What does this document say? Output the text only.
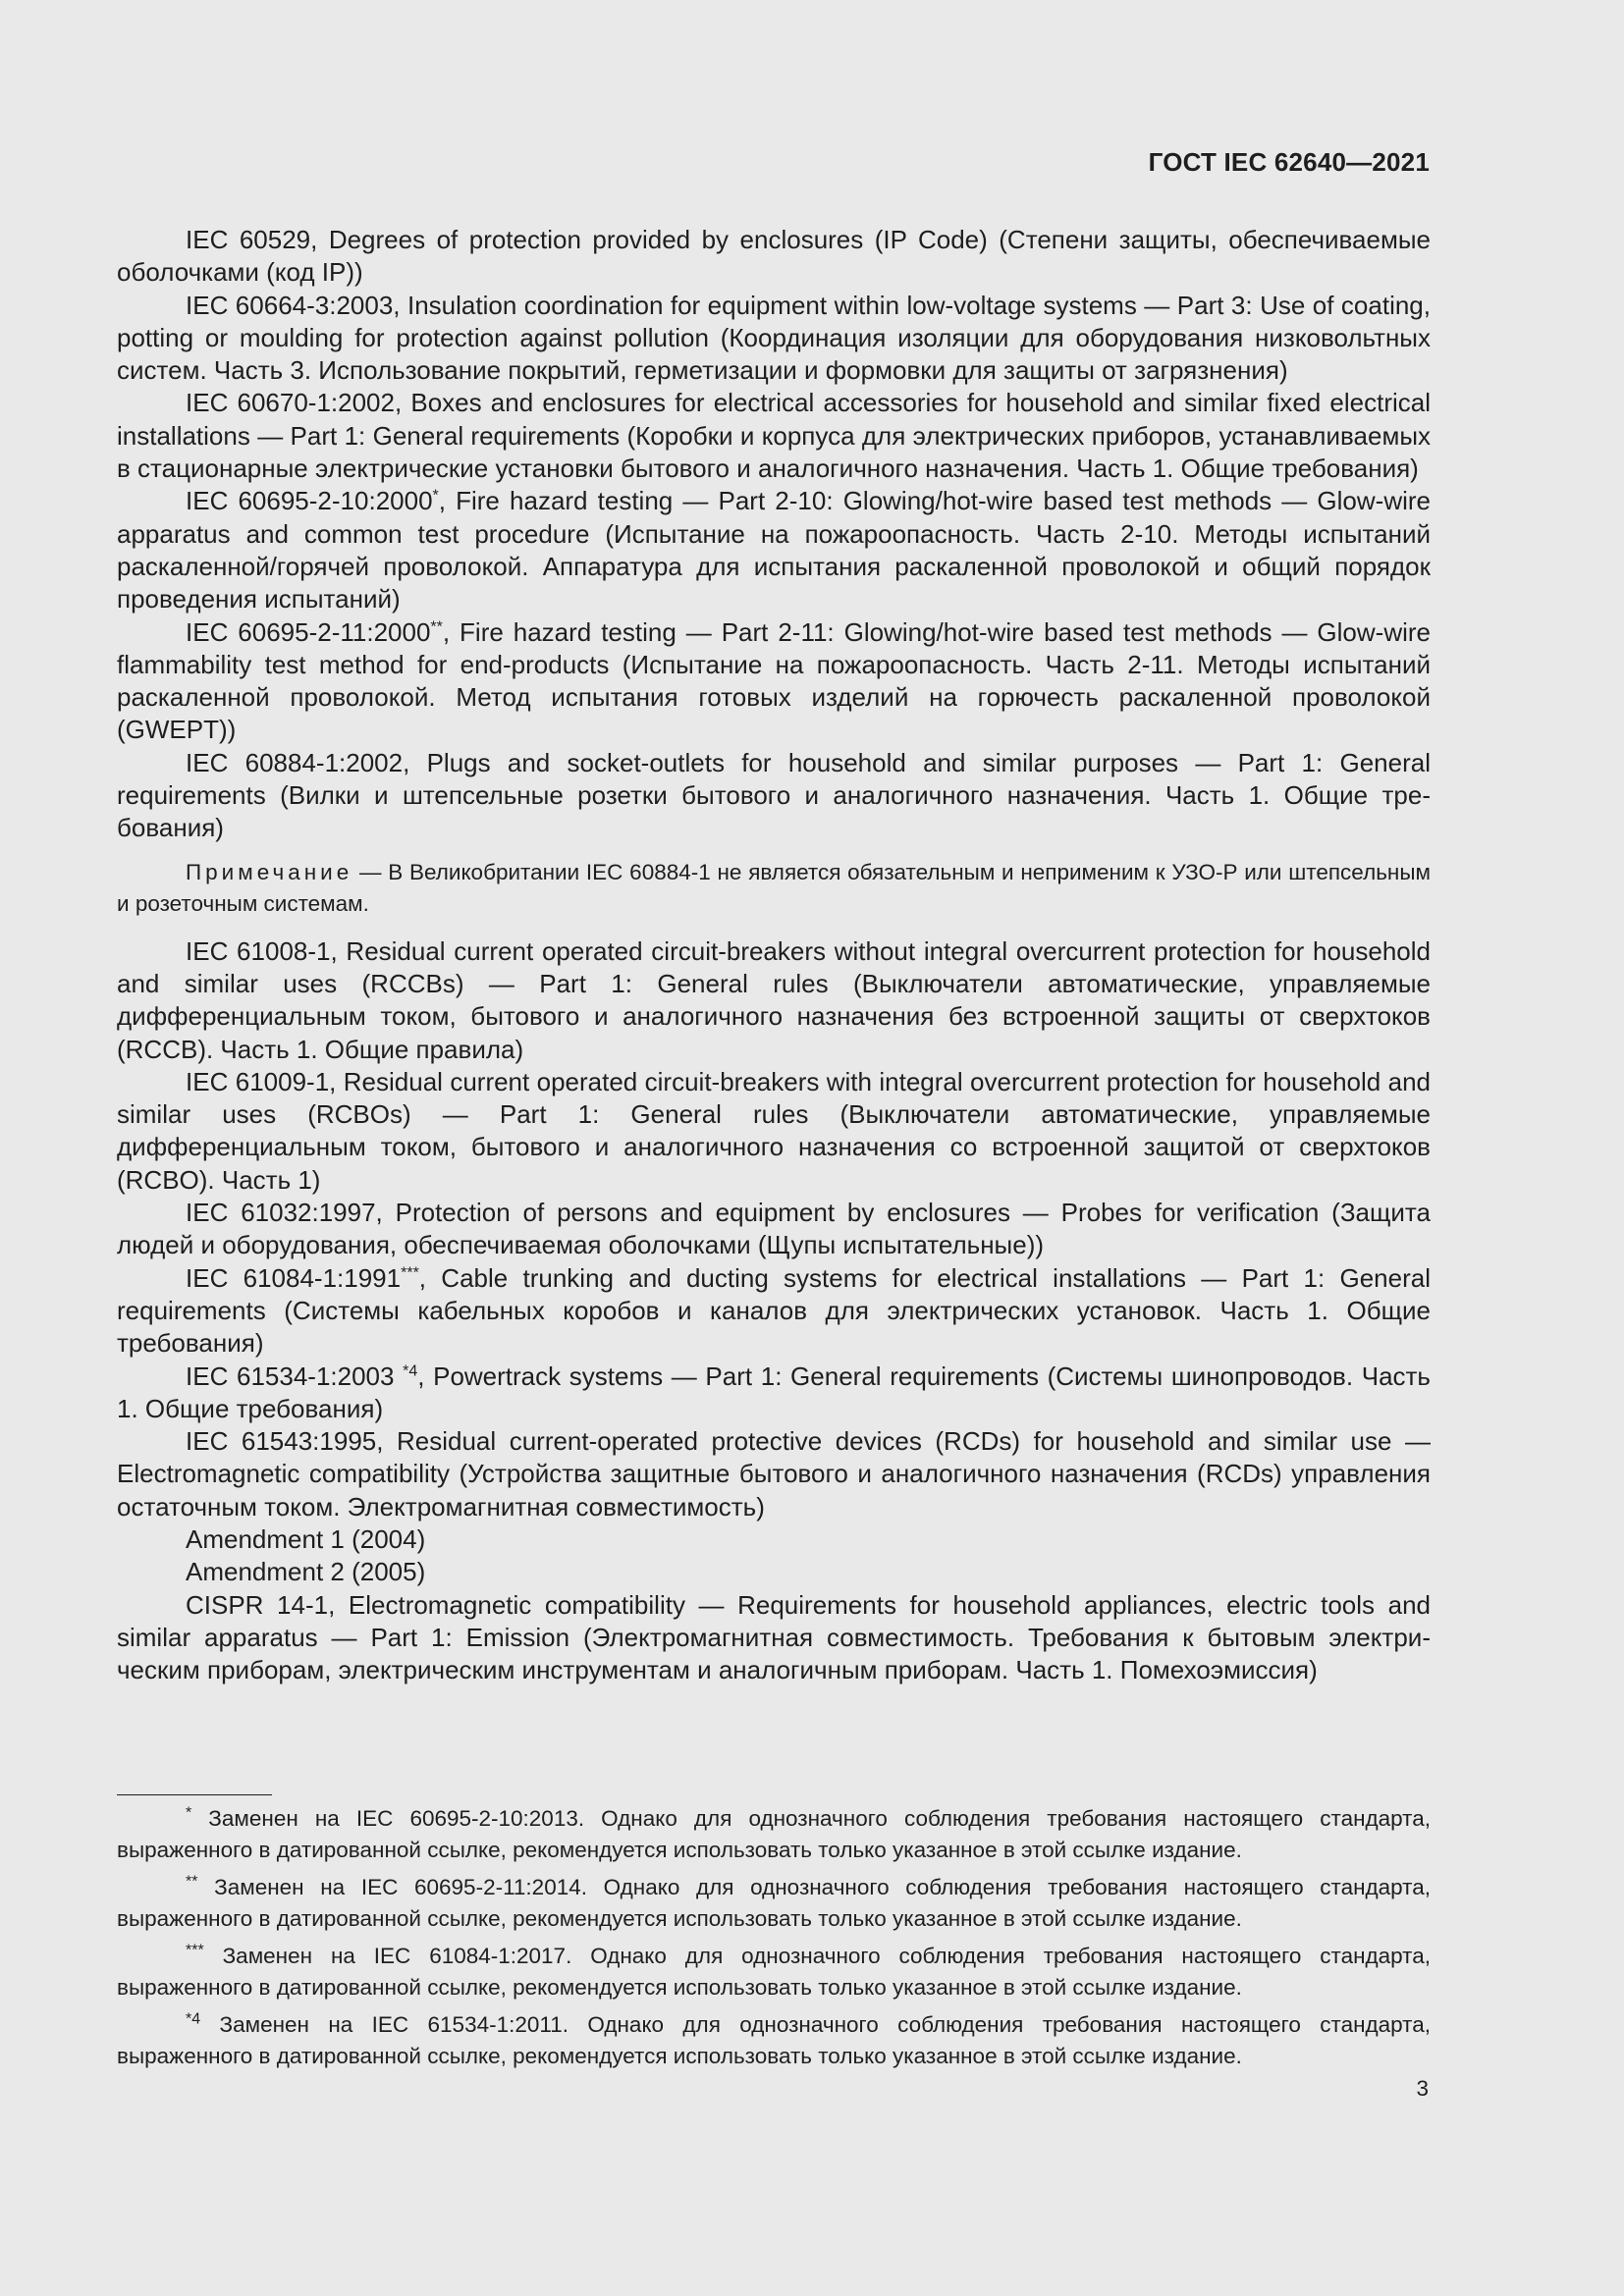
ГОСТ IEC 62640—2021

IEC 60529, Degrees of protection provided by enclosures (IP Code) (Степени защиты, обеспечиваемые оболочками (код IP))

IEC 60664-3:2003, Insulation coordination for equipment within low-voltage systems — Part 3: Use of coating, potting or moulding for protection against pollution (Координация изоляции для оборудования низковольтных систем. Часть 3. Использование покрытий, герметизации и формовки для защиты от загрязнения)

IEC 60670-1:2002, Boxes and enclosures for electrical accessories for household and similar fixed electrical installations — Part 1: General requirements (Коробки и корпуса для электрических приборов, устанавливаемых в стационарные электрические установки бытового и аналогичного назначения. Часть 1. Общие требования)

IEC 60695-2-10:2000*, Fire hazard testing — Part 2-10: Glowing/hot-wire based test methods — Glow-wire apparatus and common test procedure (Испытание на пожароопасность. Часть 2-10. Методы испытаний раскаленной/горячей проволокой. Аппаратура для испытания раскаленной проволокой и общий порядок проведения испытаний)

IEC 60695-2-11:2000**, Fire hazard testing — Part 2-11: Glowing/hot-wire based test methods — Glow-wire flammability test method for end-products (Испытание на пожароопасность. Часть 2-11. Методы испытаний раскаленной проволокой. Метод испытания готовых изделий на горючесть раскаленной проволокой (GWEPT))

IEC 60884-1:2002, Plugs and socket-outlets for household and similar purposes — Part 1: General requirements (Вилки и штепсельные розетки бытового и аналогичного назначения. Часть 1. Общие требования)

Примечание — В Великобритании IEC 60884-1 не является обязательным и неприменим к УЗО-Р или штепсельным и розеточным системам.

IEC 61008-1, Residual current operated circuit-breakers without integral overcurrent protection for household and similar uses (RCCBs) — Part 1: General rules (Выключатели автоматические, управляемые дифференциальным током, бытового и аналогичного назначения без встроенной защиты от сверхтоков (RCCB). Часть 1. Общие правила)

IEC 61009-1, Residual current operated circuit-breakers with integral overcurrent protection for household and similar uses (RCBOs) — Part 1: General rules (Выключатели автоматические, управляемые дифференциальным током, бытового и аналогичного назначения со встроенной защитой от сверхтоков (RCBO). Часть 1)

IEC 61032:1997, Protection of persons and equipment by enclosures — Probes for verification (Защита людей и оборудования, обеспечиваемая оболочками (Щупы испытательные))

IEC 61084-1:1991***, Cable trunking and ducting systems for electrical installations — Part 1: General requirements (Системы кабельных коробов и каналов для электрических установок. Часть 1. Общие требования)

IEC 61534-1:2003 $^{*4}$, Powertrack systems — Part 1: General requirements (Системы шинопроводов. Часть 1. Общие требования)

IEC 61543:1995, Residual current-operated protective devices (RCDs) for household and similar use — Electromagnetic compatibility (Устройства защитные бытового и аналогичного назначения (RCDs) управления остаточным током. Электромагнитная совместимость)

Amendment 1 (2004)

Amendment 2 (2005)

CISPR 14-1, Electromagnetic compatibility — Requirements for household appliances, electric tools and similar apparatus — Part 1: Emission (Электромагнитная совместимость. Требования к бытовым электрическим приборам, электрическим инструментам и аналогичным приборам. Часть 1. Помехоэмиссия)

* Заменен на IEC 60695-2-10:2013. Однако для однозначного соблюдения требования настоящего стандарта, выраженного в датированной ссылке, рекомендуется использовать только указанное в этой ссылке издание.

** Заменен на IEC 60695-2-11:2014. Однако для однозначного соблюдения требования настоящего стандарта, выраженного в датированной ссылке, рекомендуется использовать только указанное в этой ссылке издание.

*** Заменен на IEC 61084-1:2017. Однако для однозначного соблюдения требования настоящего стандарта, выраженного в датированной ссылке, рекомендуется использовать только указанное в этой ссылке издание.

$^{*4}$ Заменен на IEC 61534-1:2011. Однако для однозначного соблюдения требования настоящего стандарта, выраженного в датированной ссылке, рекомендуется использовать только указанное в этой ссылке издание.

3
